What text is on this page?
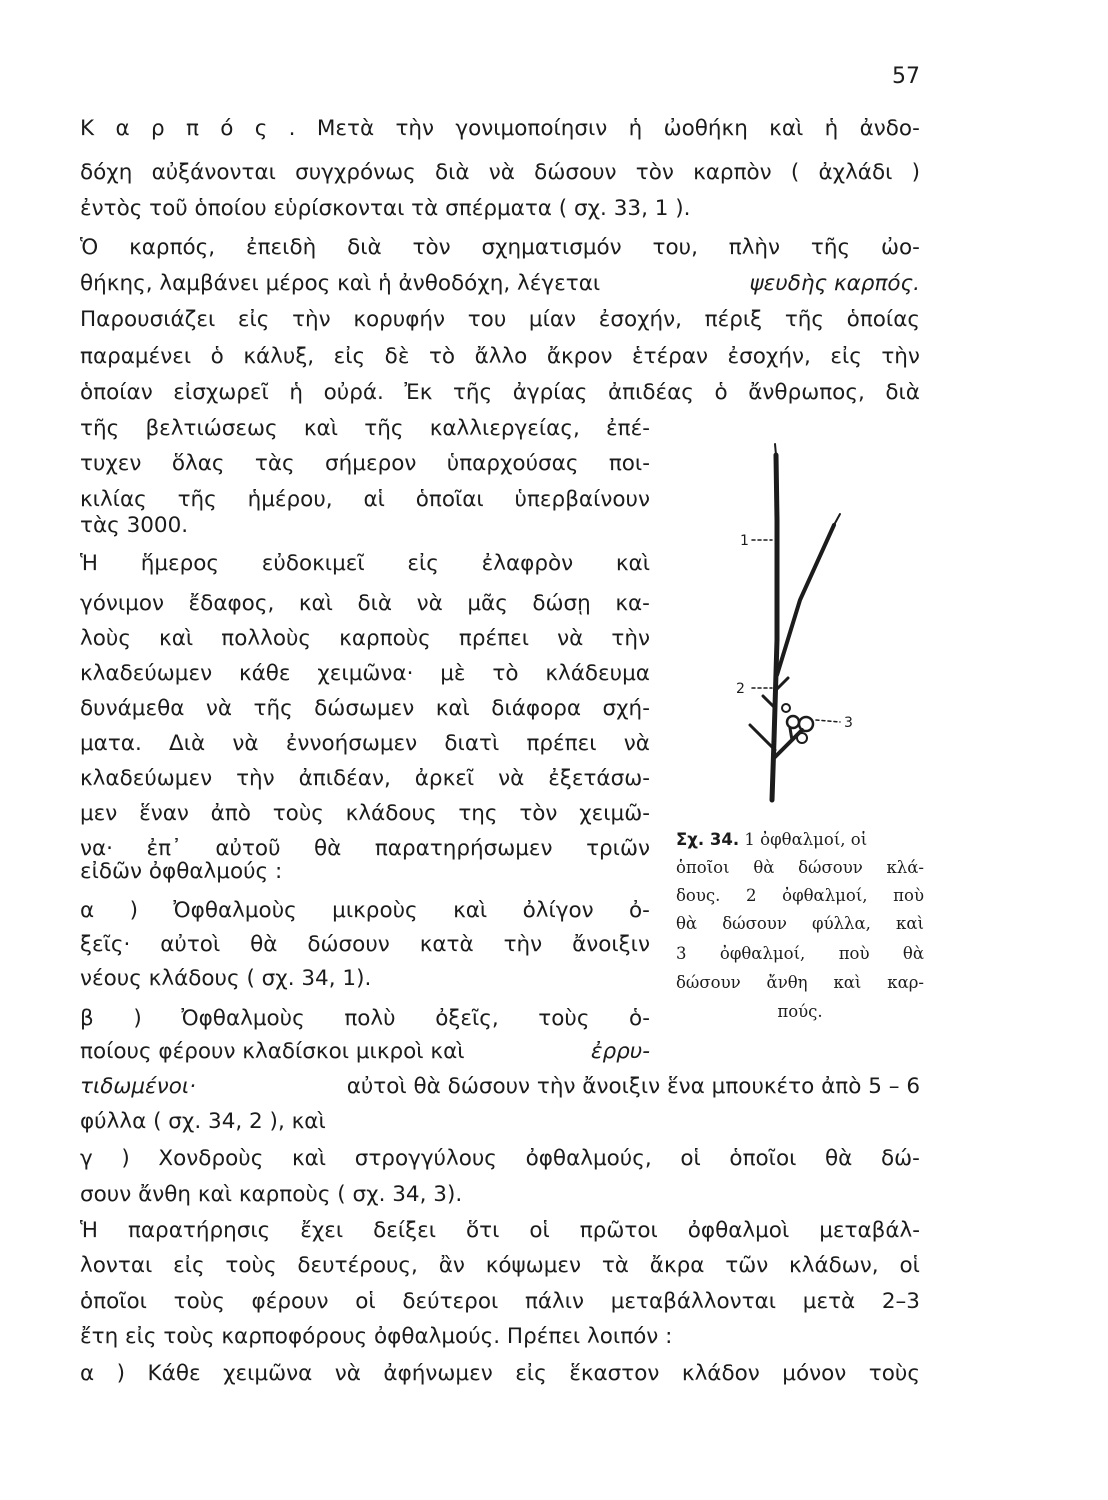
57
Κ α ρ π ό ς . Μετὰ τὴν γονιμοποίησιν ἡ ὠοθήκη καὶ ἡ ἀνδο-
δόχη αὐξάνονται συγχρόνως διὰ νὰ δώσουν τὸν καρπὸν ( ἀχλάδι )
ἐντὸς τοῦ ὁποίου εὑρίσκονται τὰ σπέρματα ( σχ. 33, 1 ).
Ὁ καρπός, ἐπειδὴ διὰ τὸν σχηματισμόν του, πλὴν τῆς ὠο-
θήκης, λαμβάνει μέρος καὶ ἡ ἀνθοδόχη, λέγεται	ψευδὴς καρπός.
Παρουσιάζει εἰς τὴν κορυφήν του μίαν ἐσοχήν, πέριξ τῆς ὁποίας
παραμένει ὁ κάλυξ, εἰς δὲ τὸ ἄλλο ἄκρον ἑτέραν ἐσοχήν, εἰς τὴν
ὁποίαν εἰσχωρεῖ ἡ οὐρά. Ἐκ τῆς ἀγρίας ἀπιδέας ὁ ἄνθρωπος, διὰ
τῆς βελτιώσεως καὶ τῆς καλλιεργείας, ἐπέ-
τυχεν ὅλας τὰς σήμερον ὑπαρχούσας ποι-
κιλίας τῆς ἡμέρου, αἱ ὁποῖαι ὑπερβαίνουν
τὰς 3000.
Ἡ ἥμερος εὐδοκιμεῖ εἰς ἐλαφρὸν καὶ
γόνιμον ἔδαφος, καὶ διὰ νὰ μᾶς δώσῃ κα-
λοὺς καὶ πολλοὺς καρποὺς πρέπει νὰ τὴν
κλαδεύωμεν κάθε χειμῶνα· μὲ τὸ κλάδευμα
δυνάμεθα νὰ τῆς δώσωμεν καὶ διάφορα σχή-
ματα. Διὰ νὰ ἐννοήσωμεν διατὶ πρέπει νὰ
κλαδεύωμεν τὴν ἀπιδέαν, ἀρκεῖ νὰ ἐξετάσω-
μεν ἕναν ἀπὸ τοὺς κλάδους της τὸν χειμῶ-
να· ἐπ᾽ αὐτοῦ θὰ παρατηρήσωμεν τριῶν
εἰδῶν ὀφθαλμούς :
α ) Ὀφθαλμοὺς μικροὺς καὶ ὀλίγον ὀ-
ξεῖς· αὐτοὶ θὰ δώσουν κατὰ τὴν ἄνοιξιν
νέους κλάδους ( σχ. 34, 1).
β ) Ὀφθαλμοὺς πολὺ ὀξεῖς, τοὺς ὁ-
ποίους φέρουν κλαδίσκοι μικροὶ καὶ	ἐρρυ-
τιδωμένοι·	αὐτοὶ θὰ δώσουν τὴν ἄνοιξιν ἕνα μπουκέτο ἀπὸ 5 – 6
φύλλα ( σχ. 34, 2 ), καὶ
γ ) Χονδροὺς καὶ στρογγύλους ὀφθαλμούς, οἱ ὁποῖοι θὰ δώ-
σουν ἄνθη καὶ καρποὺς ( σχ. 34, 3).
Ἡ παρατήρησις ἔχει δείξει ὅτι οἱ πρῶτοι ὀφθαλμοὶ μεταβάλ-
λονται εἰς τοὺς δευτέρους, ἂν κόψωμεν τὰ ἄκρα τῶν κλάδων, οἱ
ὁποῖοι τοὺς φέρουν οἱ δεύτεροι πάλιν μεταβάλλονται μετὰ 2–3
ἔτη εἰς τοὺς καρποφόρους ὀφθαλμούς. Πρέπει λοιπόν :
α ) Κάθε χειμῶνα νὰ ἀφήνωμεν εἰς ἕκαστον κλάδον μόνον τοὺς
1
2
3
Σχ. 34. 1 ὀφθαλμοί, οἱ
ὁποῖοι θὰ δώσουν κλά-
δους. 2 ὀφθαλμοί, ποὺ
θὰ δώσουν φύλλα, καὶ
3 ὀφθαλμοί, ποὺ θὰ
δώσουν ἄνθη καὶ καρ-
πούς.
